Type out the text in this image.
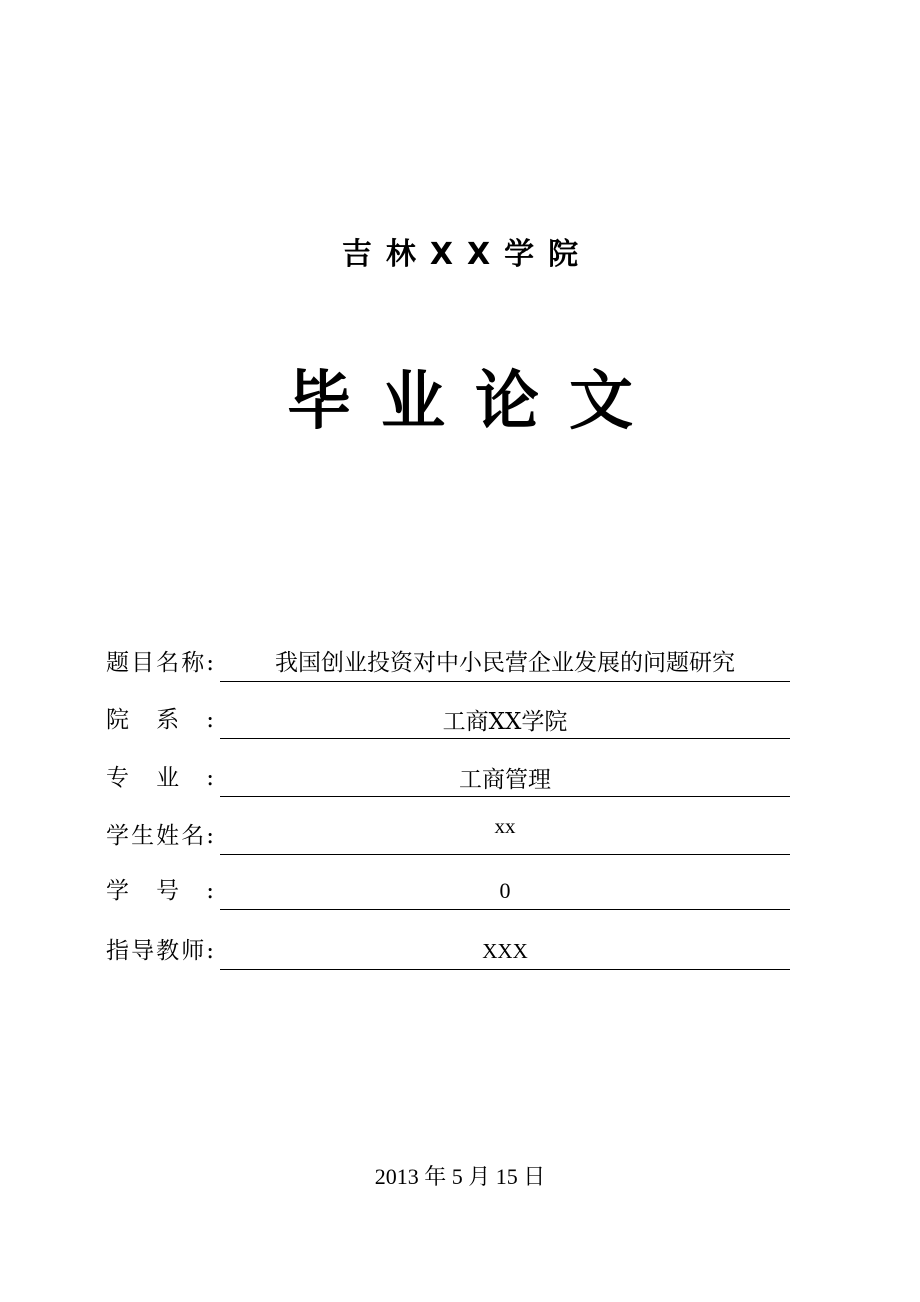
吉林XX学院
毕业论文
题 目 名 称 :	我国创业投资对中小民营企业发展的问题研究
院 系 :	工商XX学院
专 业 :	工商管理
学 生 姓 名 :	xx
学 号 :	0
指 导 教 师 :	XXX
2013 年 5 月 15 日
